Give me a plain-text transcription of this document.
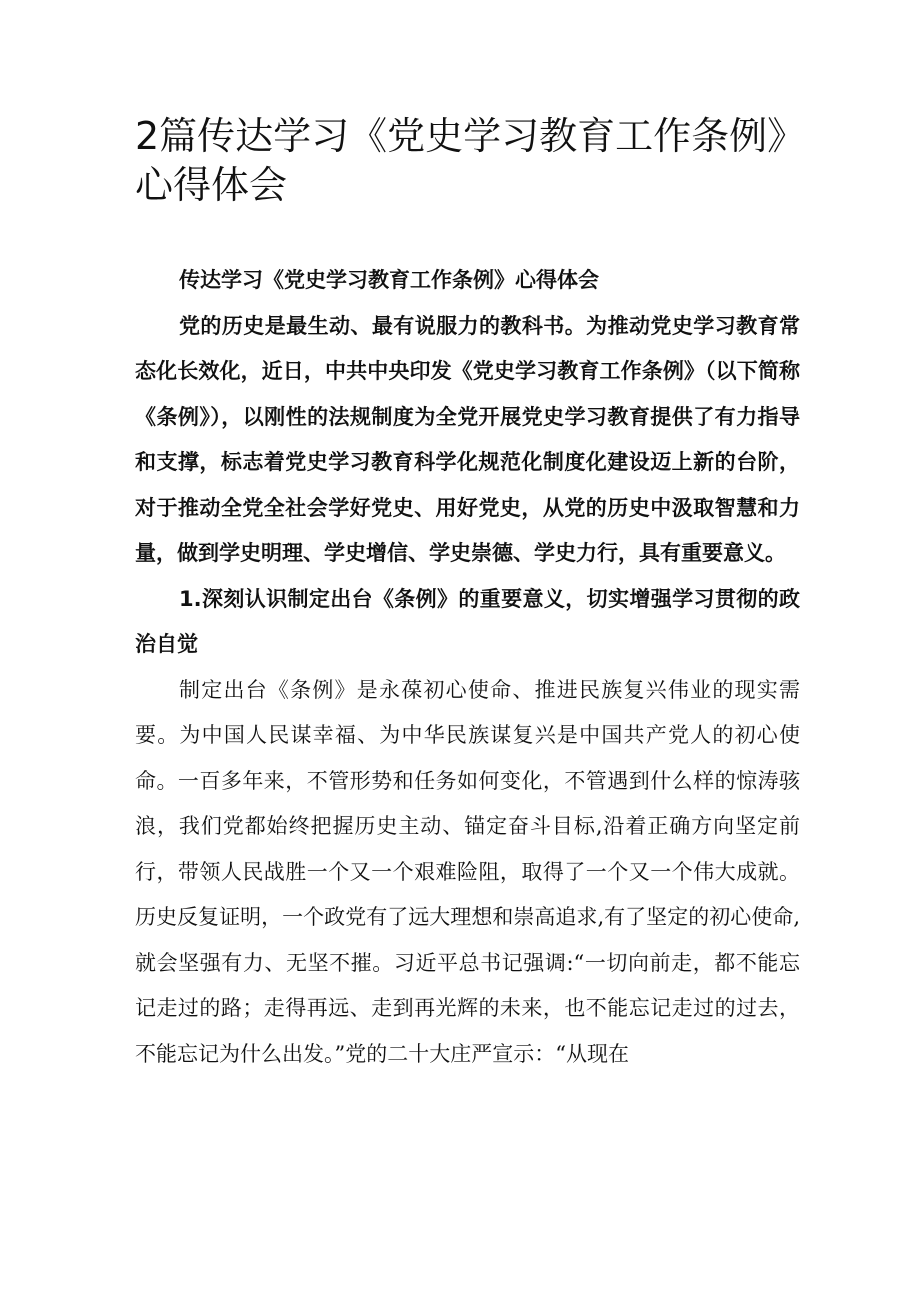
2篇传达学习《党史学习教育工作条例》心得体会

传达学习《党史学习教育工作条例》心得体会

党的历史是最生动、最有说服力的教科书。为推动党史学习教育常态化长效化，近日，中共中央印发《党史学习教育工作条例》（以下简称《条例》），以刚性的法规制度为全党开展党史学习教育提供了有力指导和支撑，标志着党史学习教育科学化规范化制度化建设迈上新的台阶，对于推动全党全社会学好党史、用好党史，从党的历史中汲取智慧和力量，做到学史明理、学史增信、学史崇德、学史力行，具有重要意义。

1.深刻认识制定出台《条例》的重要意义，切实增强学习贯彻的政治自觉

制定出台《条例》是永葆初心使命、推进民族复兴伟业的现实需要。为中国人民谋幸福、为中华民族谋复兴是中国共产党人的初心使命。一百多年来，不管形势和任务如何变化，不管遇到什么样的惊涛骇浪，我们党都始终把握历史主动、锚定奋斗目标,沿着正确方向坚定前行，带领人民战胜一个又一个艰难险阻，取得了一个又一个伟大成就。历史反复证明，一个政党有了远大理想和崇高追求,有了坚定的初心使命,就会坚强有力、无坚不摧。习近平总书记强调:“一切向前走，都不能忘记走过的路；走得再远、走到再光辉的未来，也不能忘记走过的过去，不能忘记为什么出发。”党的二十大庄严宣示：“从现在
